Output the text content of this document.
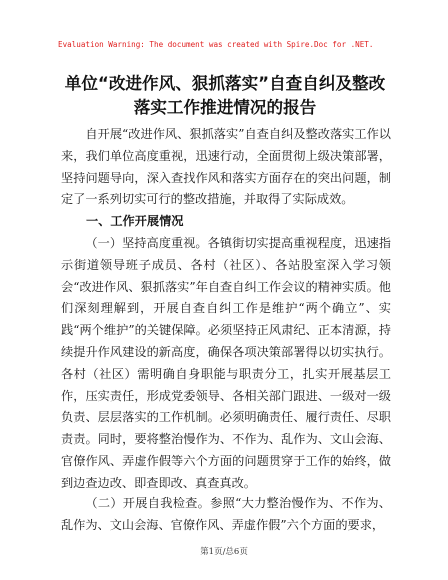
Evaluation Warning: The document was created with Spire.Doc for .NET.
单位“改进作风、狠抓落实”自查自纠及整改
落实工作推进情况的报告
自开展“改进作风、狠抓落实”自查自纠及整改落实工作以来，我们单位高度重视，迅速行动，全面贯彻上级决策部署，坚持问题导向，深入查找作风和落实方面存在的突出问题，制定了一系列切实可行的整改措施，并取得了实际成效。
一、工作开展情况
（一）坚持高度重视。各镇街切实提高重视程度，迅速指示街道领导班子成员、各村（社区）、各站股室深入学习领会“改进作风、狠抓落实”年自查自纠工作会议的精神实质。他们深刻理解到，开展自查自纠工作是维护“两个确立”、实践“两个维护”的关键保障。必须坚持正风肃纪、正本清源，持续提升作风建设的新高度，确保各项决策部署得以切实执行。各村（社区）需明确自身职能与职责分工，扎实开展基层工作，压实责任，形成党委领导、各相关部门跟进、一级对一级负责、层层落实的工作机制。必须明确责任、履行责任、尽职责责。同时，要将整治慢作为、不作为、乱作为、文山会海、官僚作风、弄虚作假等六个方面的问题贯穿于工作的始终，做到边查边改、即查即改、真查真改。
（二）开展自我检查。参照“大力整治慢作为、不作为、乱作为、文山会海、官僚作风、弄虚作假”六个方面的要求，
第1页/总6页
